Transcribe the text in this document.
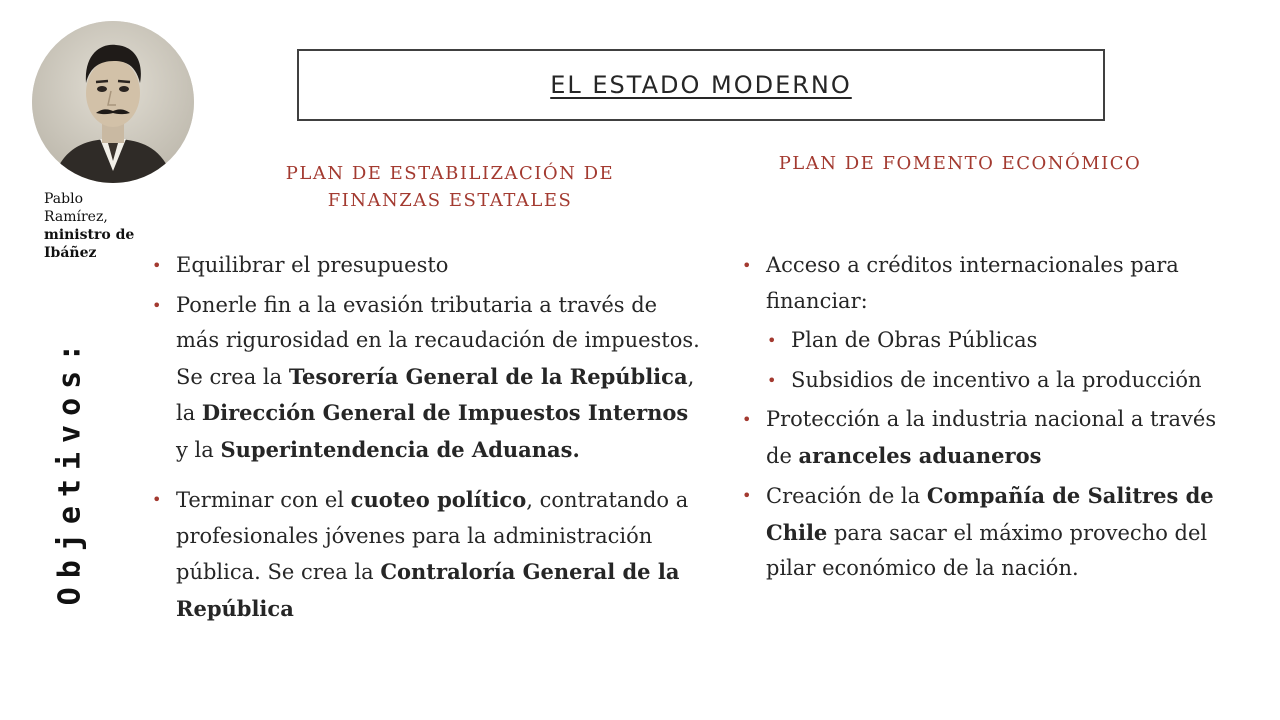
Pablo Ramírez, ministro de Ibáñez
Objetivos:
EL ESTADO MODERNO
PLAN DE ESTABILIZACIÓN DE FINANZAS ESTATALES
PLAN DE FOMENTO ECONÓMICO
• Equilibrar el presupuesto
• Ponerle fin a la evasión tributaria a través de más rigurosidad en la recaudación de impuestos. Se crea la Tesorería General de la República, la Dirección General de Impuestos Internos y la Superintendencia de Aduanas.
• Terminar con el cuoteo político, contratando a profesionales jóvenes para la administración pública. Se crea la Contraloría General de la República
• Acceso a créditos internacionales para financiar:
• Plan de Obras Públicas
• Subsidios de incentivo a la producción
• Protección a la industria nacional a través de aranceles aduaneros
• Creación de la Compañía de Salitres de Chile para sacar el máximo provecho del pilar económico de la nación.
